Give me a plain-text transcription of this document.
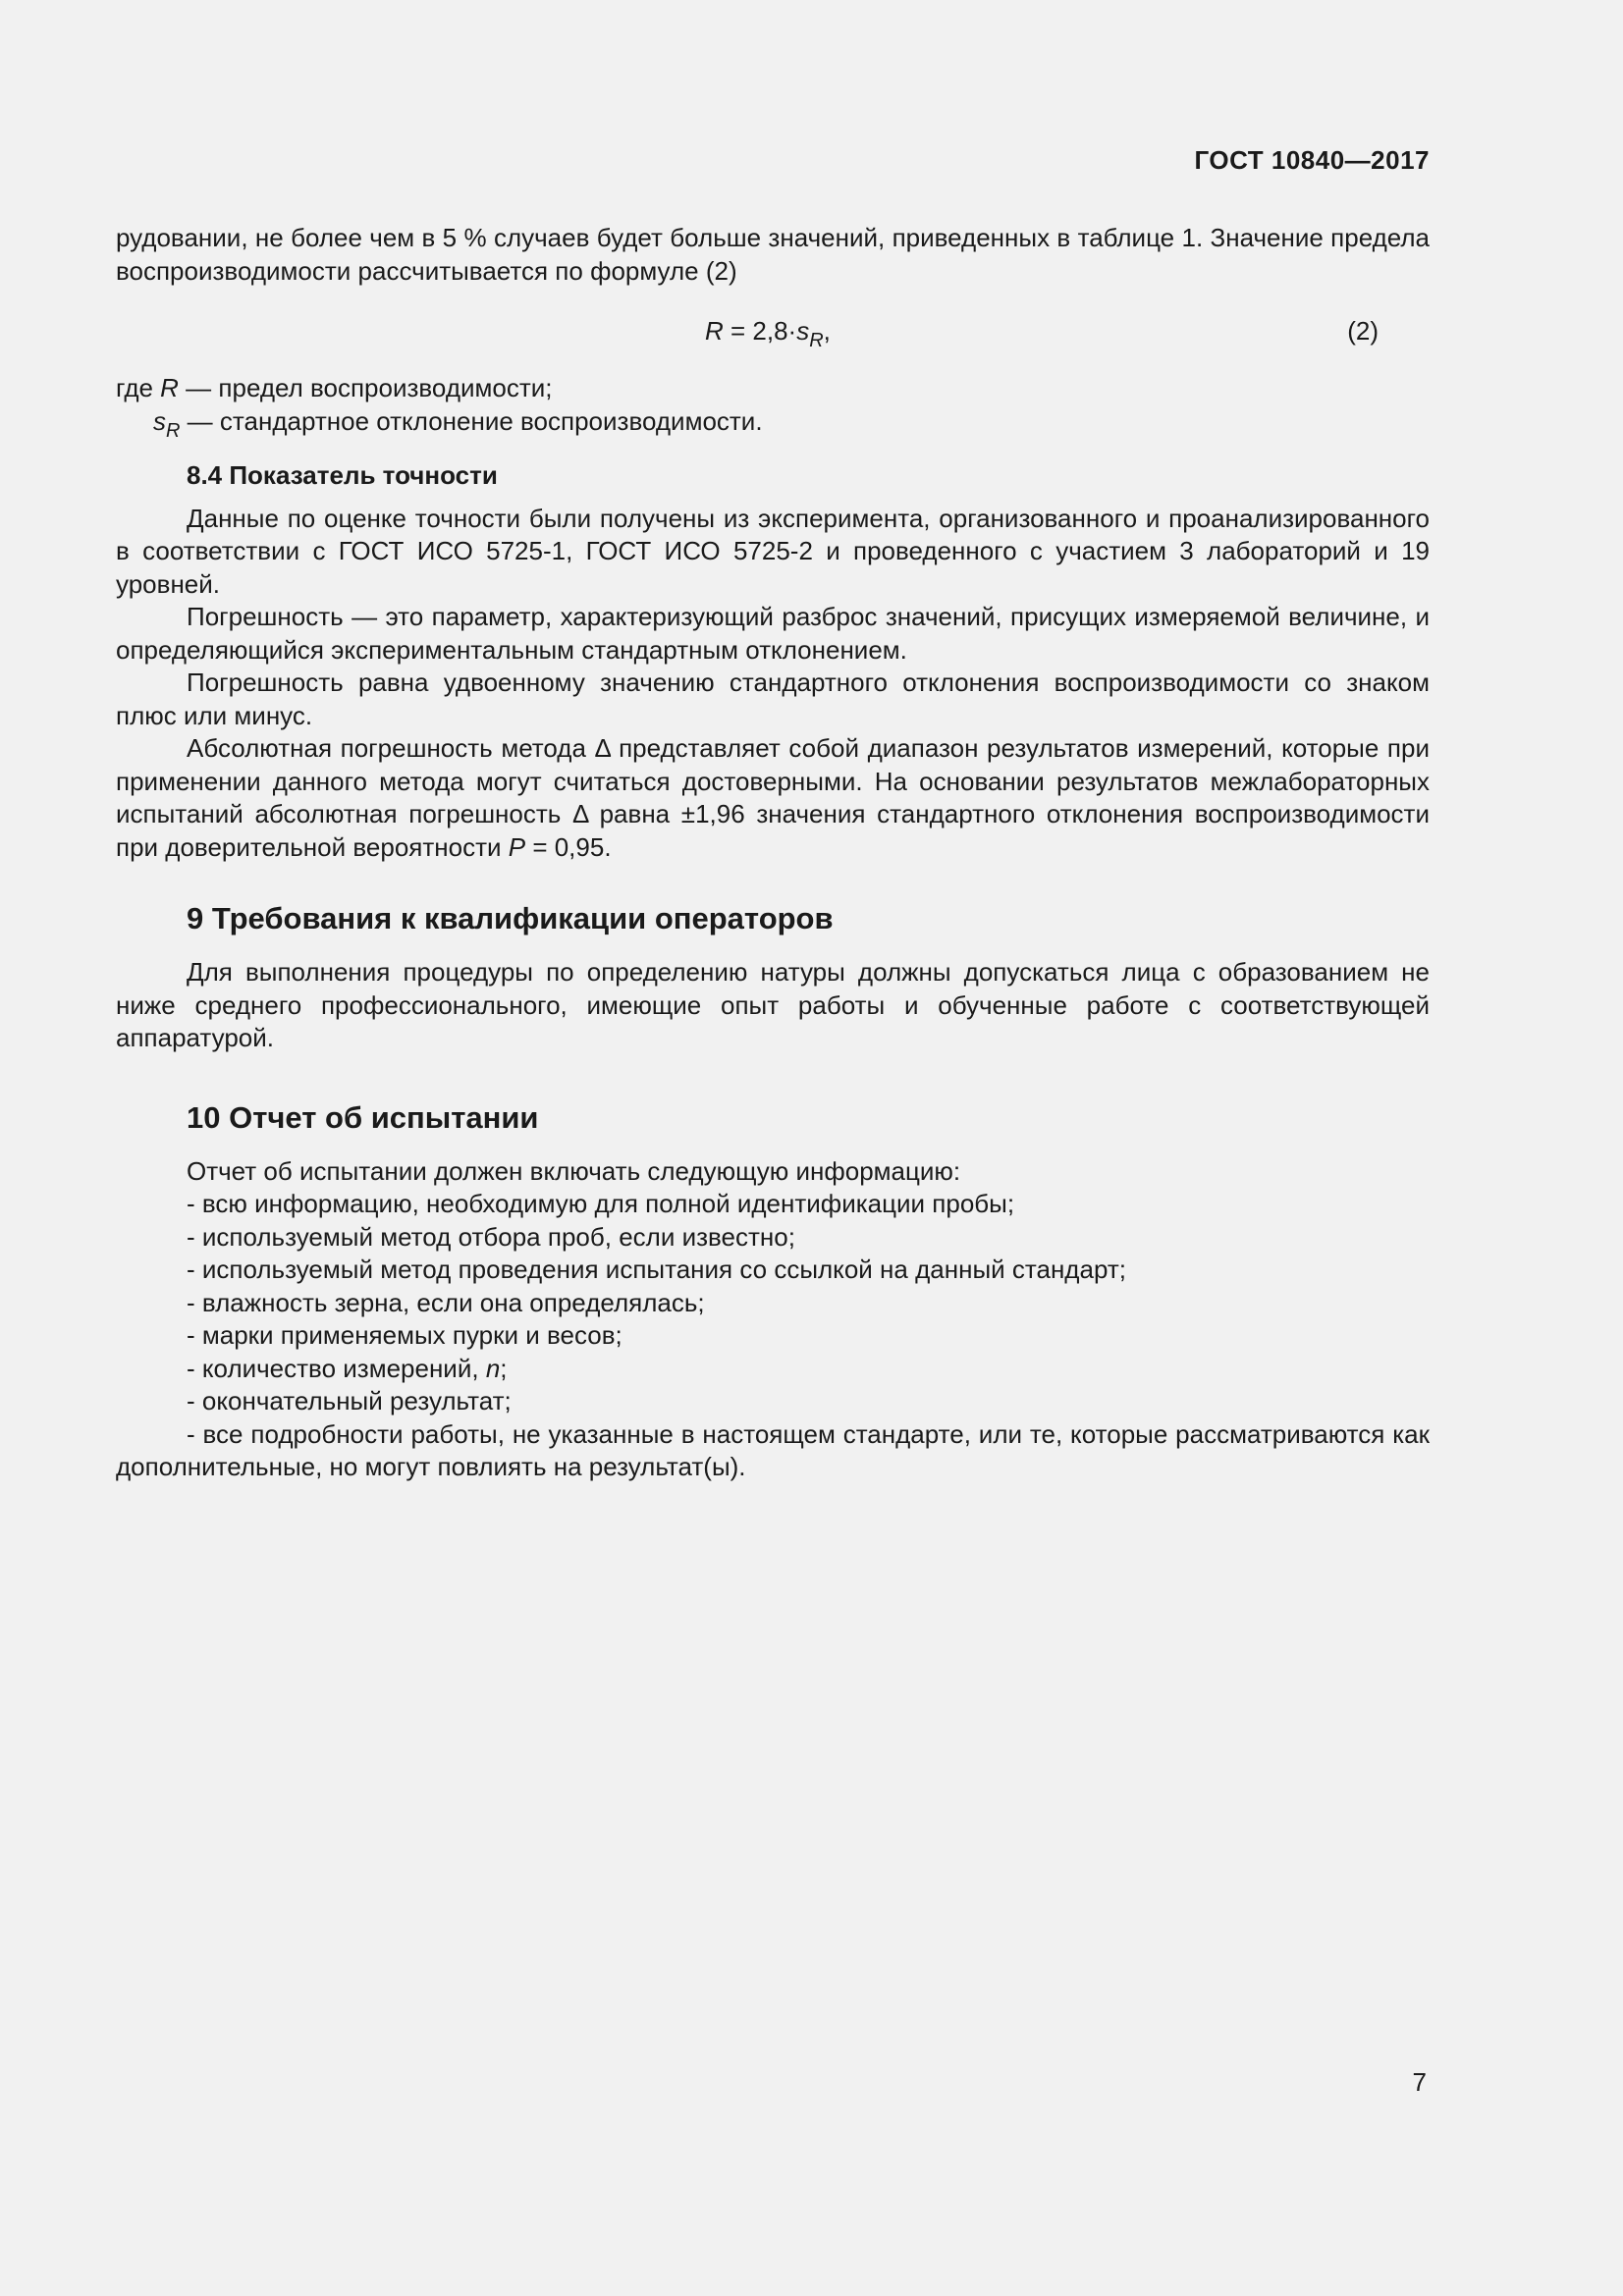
ГОСТ 10840—2017

рудовании, не более чем в 5 % случаев будет больше значений, приведенных в таблице 1. Значение предела воспроизводимости рассчитывается по формуле (2)

$R = 2,8\cdot s_R$,	(2)
где R — предел воспроизводимости;
$s_R$ — стандартное отклонение воспроизводимости.
8.4 Показатель точности

Данные по оценке точности были получены из эксперимента, организованного и проанализированного в соответствии с ГОСТ ИСО 5725-1, ГОСТ ИСО 5725-2 и проведенного с участием 3 лабораторий и 19 уровней.

Погрешность — это параметр, характеризующий разброс значений, присущих измеряемой величине, и определяющийся экспериментальным стандартным отклонением.

Погрешность равна удвоенному значению стандартного отклонения воспроизводимости со знаком плюс или минус.

Абсолютная погрешность метода Δ представляет собой диапазон результатов измерений, которые при применении данного метода могут считаться достоверными. На основании результатов межлабораторных испытаний абсолютная погрешность Δ равна ±1,96 значения стандартного отклонения воспроизводимости при доверительной вероятности P = 0,95.

9 Требования к квалификации операторов

Для выполнения процедуры по определению натуры должны допускаться лица с образованием не ниже среднего профессионального, имеющие опыт работы и обученные работе с соответствующей аппаратурой.

10 Отчет об испытании
Отчет об испытании должен включать следующую информацию:
- всю информацию, необходимую для полной идентификации пробы;
- используемый метод отбора проб, если известно;
- используемый метод проведения испытания со ссылкой на данный стандарт;
- влажность зерна, если она определялась;
- марки применяемых пурки и весов;
- количество измерений, n;
- окончательный результат;

- все подробности работы, не указанные в настоящем стандарте, или те, которые рассматриваются как дополнительные, но могут повлиять на результат(ы).

7
